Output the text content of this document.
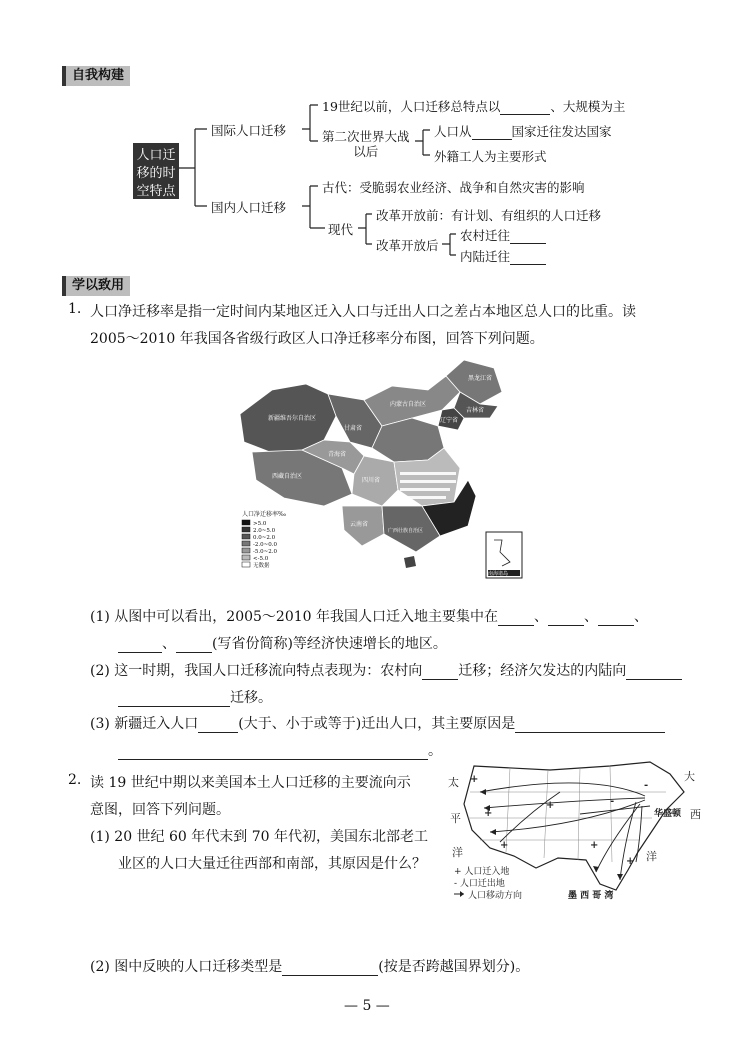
自我构建
人口迁
移的时
空特点
国际人口迁移
19世纪以前，人口迁移总特点以	、大规模为主
第二次世界大战
以后
人口从	国家迁往发达国家
外籍工人为主要形式
国内人口迁移
古代：受脆弱农业经济、战争和自然灾害的影响
现代
改革开放前：有计划、有组织的人口迁移
改革开放后
农村迁往
内陆迁往
学以致用
1. 人口净迁移率是指一定时间内某地区迁入人口与迁出人口之差占本地区总人口的比重。读
2005～2010 年我国各省级行政区人口净迁移率分布图，回答下列问题。
新疆维吾尔自治区
内蒙古自治区
黑龙江省
吉林省
辽宁省
青海省
甘肃省
西藏自治区
四川省
云南省
广西壮族自治区
南海诸岛
人口净迁移率‰
>5.0
2.0~5.0
0.0~2.0
-2.0~0.0
-5.0~2.0
<-5.0
无数据
(1) 从图中可以看出，2005～2010 年我国人口迁入地主要集中在	、	、	、
、	(写省份简称)等经济快速增长的地区。
(2) 这一时期，我国人口迁移流向特点表现为：农村向	迁移；经济欠发达的内陆向
迁移。
(3) 新疆迁入人口	(大于、小于或等于)迁出人口，其主要原因是
。
2. 读 19 世纪中期以来美国本土人口迁移的主要流向示
意图，回答下列问题。
(1) 20 世纪 60 年代末到 70 年代初，美国东北部老工
业区的人口大量迁往西部和南部，其原因是什么？
+
+
+
+
+
+
-
-
太
平
洋
大
西
洋
华盛顿
墨 西 哥 湾
+ 人口迁入地
- 人口迁出地
人口移动方向
(2) 图中反映的人口迁移类型是	(按是否跨越国界划分)。
— 5 —
